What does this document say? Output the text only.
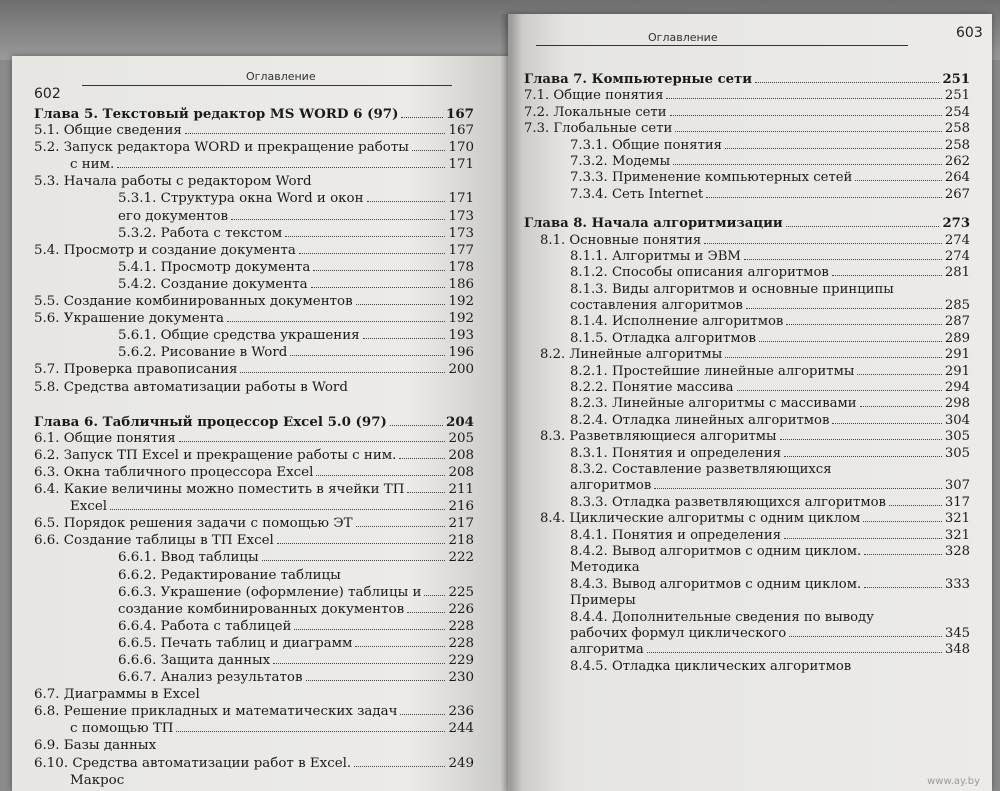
602
Оглавление
Глава 5. Текстовый редактор MS WORD 6 (97)	167
5.1. Общие сведения	167
5.2. Запуск редактора WORD и прекращение работы	170
с ним.	171
5.3. Начала работы с редактором Word
5.3.1. Структура окна Word и окон	171
его документов	173
5.3.2. Работа с текстом	173
5.4. Просмотр и создание документа	177
5.4.1. Просмотр документа	178
5.4.2. Создание документа	186
5.5. Создание комбинированных документов	192
5.6. Украшение документа	192
5.6.1. Общие средства украшения	193
5.6.2. Рисование в Word	196
5.7. Проверка правописания	200
5.8. Средства автоматизации работы в Word
Глава 6. Табличный процессор Excel 5.0 (97)	204
6.1. Общие понятия	205
6.2. Запуск ТП Excel и прекращение работы с ним.	208
6.3. Окна табличного процессора Excel	208
6.4. Какие величины можно поместить в ячейки ТП	211
Excel	216
6.5. Порядок решения задачи с помощью ЭТ	217
6.6. Создание таблицы в ТП Excel	218
6.6.1. Ввод таблицы	222
6.6.2. Редактирование таблицы
6.6.3. Украшение (оформление) таблицы и 225
создание комбинированных документов	226
6.6.4. Работа с таблицей	228
6.6.5. Печать таблиц и диаграмм	228
6.6.6. Защита данных	229
6.6.7. Анализ результатов	230
6.7. Диаграммы в Excel
6.8. Решение прикладных и математических задач	236
с помощью ТП	244
6.9. Базы данных
6.10. Средства автоматизации работ в Excel.	249
Макрос
Оглавление	603
Глава 7. Компьютерные сети	251
7.1. Общие понятия	251
7.2. Локальные сети	254
7.3. Глобальные сети	258
7.3.1. Общие понятия	258
7.3.2. Модемы	262
7.3.3. Применение компьютерных сетей	264
7.3.4. Сеть Internet	267
Глава 8. Начала алгоритмизации	273
8.1. Основные понятия	274
8.1.1. Алгоритмы и ЭВМ	274
8.1.2. Способы описания алгоритмов	281
8.1.3. Виды алгоритмов и основные принципы
составления алгоритмов	285
8.1.4. Исполнение алгоритмов	287
8.1.5. Отладка алгоритмов	289
8.2. Линейные алгоритмы	291
8.2.1. Простейшие линейные алгоритмы	291
8.2.2. Понятие массива	294
8.2.3. Линейные алгоритмы с массивами	298
8.2.4. Отладка линейных алгоритмов	304
8.3. Разветвляющиеся алгоритмы	305
8.3.1. Понятия и определения	305
8.3.2. Составление разветвляющихся
алгоритмов	307
8.3.3. Отладка разветвляющихся алгоритмов	317
8.4. Циклические алгоритмы с одним циклом	321
8.4.1. Понятия и определения	321
8.4.2. Вывод алгоритмов с одним циклом.	328
Методика
8.4.3. Вывод алгоритмов с одним циклом.	333
Примеры
8.4.4. Дополнительные сведения по выводу
рабочих формул циклического	345
алгоритма	348
8.4.5. Отладка циклических алгоритмов
www.ay.by
